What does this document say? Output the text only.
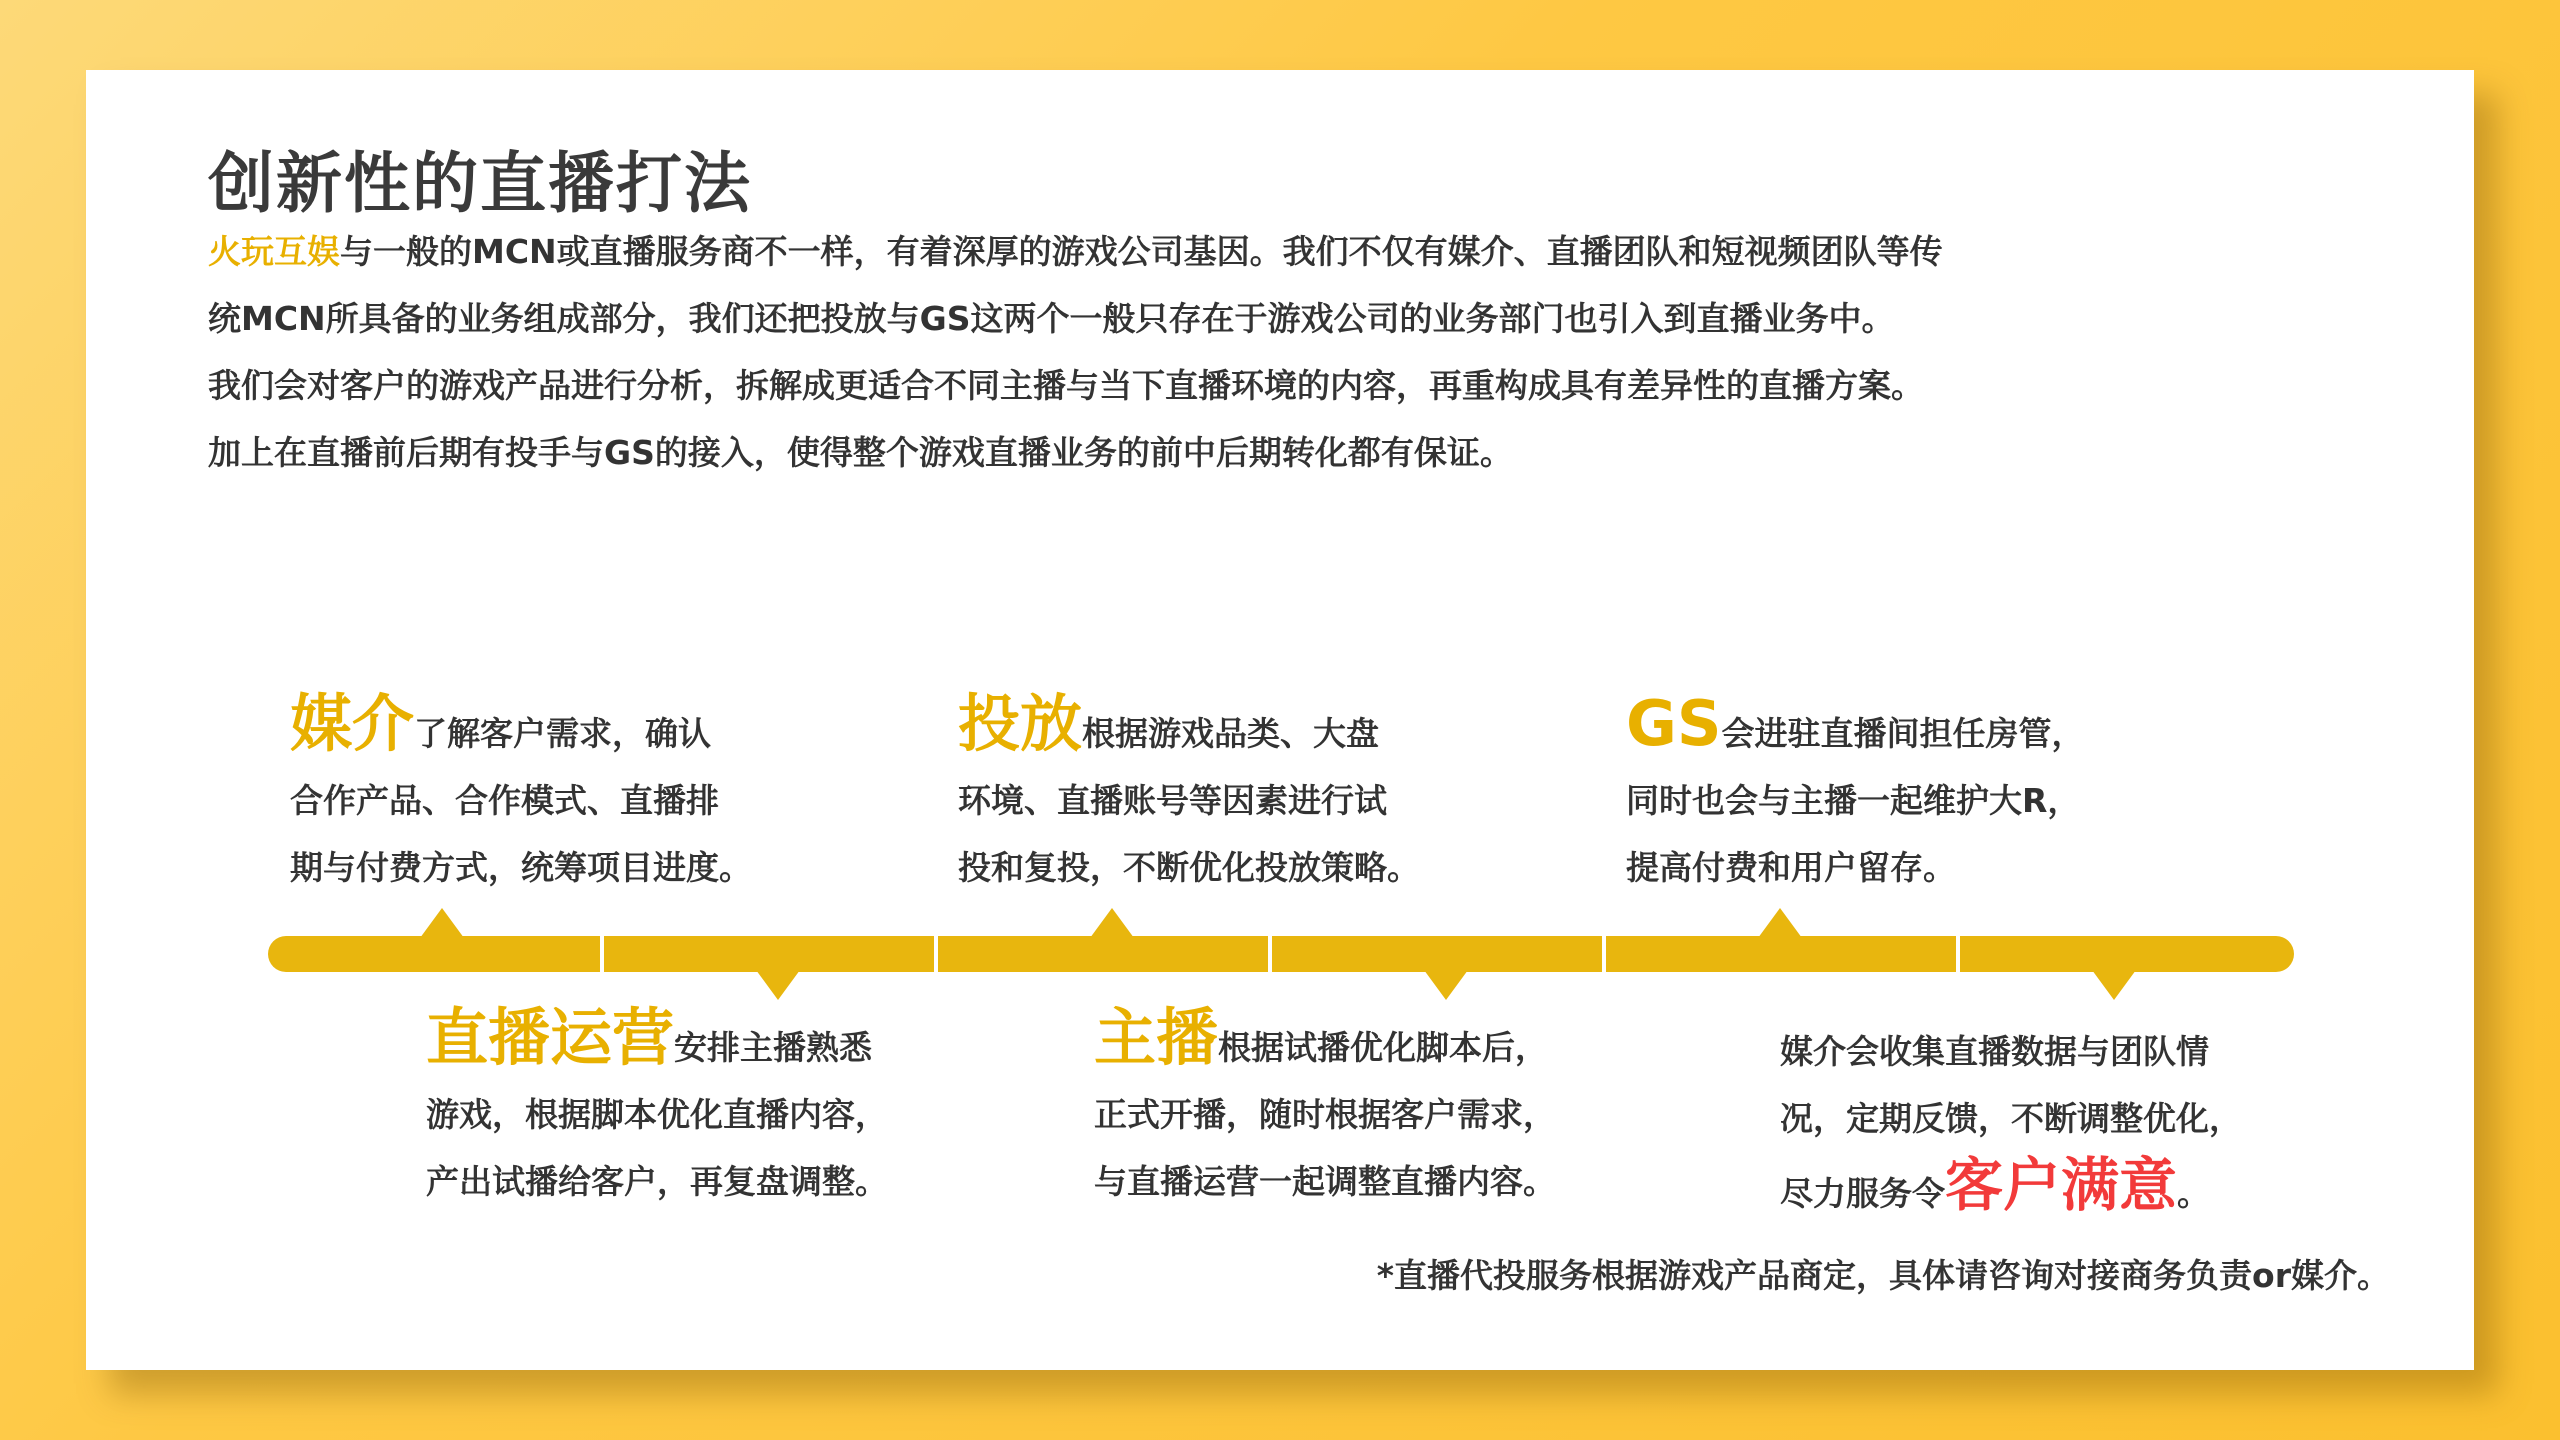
创新性的直播打法

火玩互娱与一般的MCN或直播服务商不一样，有着深厚的游戏公司基因。我们不仅有媒介、直播团队和短视频团队等传

统MCN所具备的业务组成部分，我们还把投放与GS这两个一般只存在于游戏公司的业务部门也引入到直播业务中。

我们会对客户的游戏产品进行分析，拆解成更适合不同主播与当下直播环境的内容，再重构成具有差异性的直播方案。

加上在直播前后期有投手与GS的接入，使得整个游戏直播业务的前中后期转化都有保证。

媒介了解客户需求，确认

合作产品、合作模式、直播排

期与付费方式，统筹项目进度。

投放根据游戏品类、大盘

环境、直播账号等因素进行试

投和复投，不断优化投放策略。

GS会进驻直播间担任房管，

同时也会与主播一起维护大R，

提高付费和用户留存。

直播运营安排主播熟悉

游戏，根据脚本优化直播内容，

产出试播给客户，再复盘调整。

主播根据试播优化脚本后，

正式开播，随时根据客户需求，

与直播运营一起调整直播内容。

媒介会收集直播数据与团队情

况，定期反馈，不断调整优化，

尽力服务令客户满意。

*直播代投服务根据游戏产品商定，具体请咨询对接商务负责or媒介。
